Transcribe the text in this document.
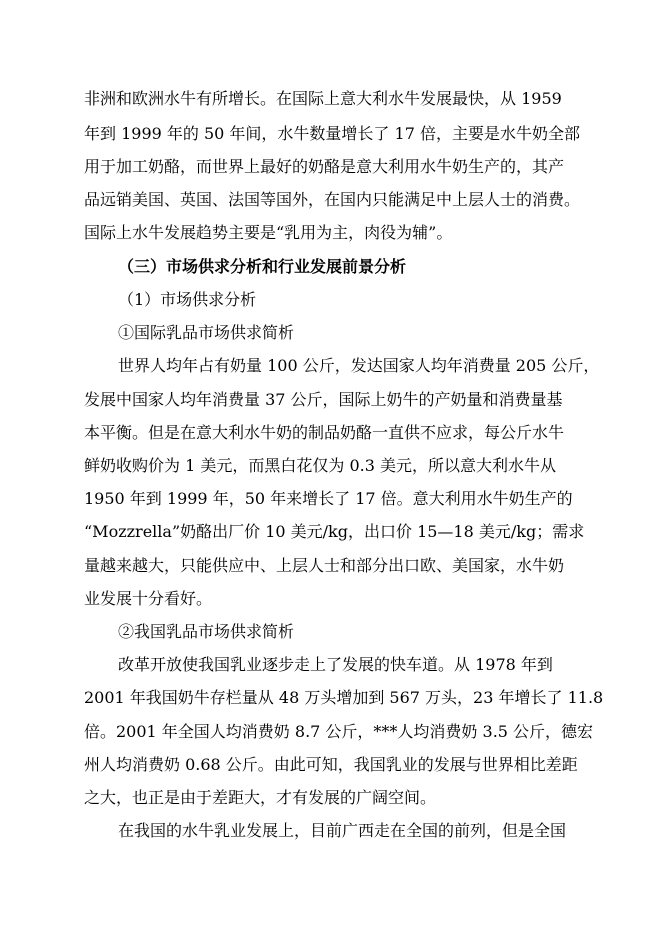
非洲和欧洲水牛有所增长。在国际上意大利水牛发展最快，从 1959
年到 1999 年的 50 年间，水牛数量增长了 17 倍，主要是水牛奶全部
用于加工奶酪，而世界上最好的奶酪是意大利用水牛奶生产的，其产
品远销美国、英国、法国等国外，在国内只能满足中上层人士的消费。
国际上水牛发展趋势主要是“乳用为主，肉役为辅”。
（三）市场供求分析和行业发展前景分析
（1）市场供求分析
①国际乳品市场供求简析
世界人均年占有奶量 100 公斤，发达国家人均年消费量 205 公斤，
发展中国家人均年消费量 37 公斤，国际上奶牛的产奶量和消费量基
本平衡。但是在意大利水牛奶的制品奶酪一直供不应求，每公斤水牛
鲜奶收购价为 1 美元，而黑白花仅为 0.3 美元，所以意大利水牛从
1950 年到 1999 年，50 年来增长了 17 倍。意大利用水牛奶生产的
“Mozzrella”奶酪出厂价 10 美元/kg，出口价 15—18 美元/kg；需求
量越来越大，只能供应中、上层人士和部分出口欧、美国家，水牛奶
业发展十分看好。
②我国乳品市场供求简析
改革开放使我国乳业逐步走上了发展的快车道。从 1978 年到
2001 年我国奶牛存栏量从 48 万头增加到 567 万头，23 年增长了 11.8
倍。2001 年全国人均消费奶 8.7 公斤，***人均消费奶 3.5 公斤，德宏
州人均消费奶 0.68 公斤。由此可知，我国乳业的发展与世界相比差距
之大，也正是由于差距大，才有发展的广阔空间。
在我国的水牛乳业发展上，目前广西走在全国的前列，但是全国
